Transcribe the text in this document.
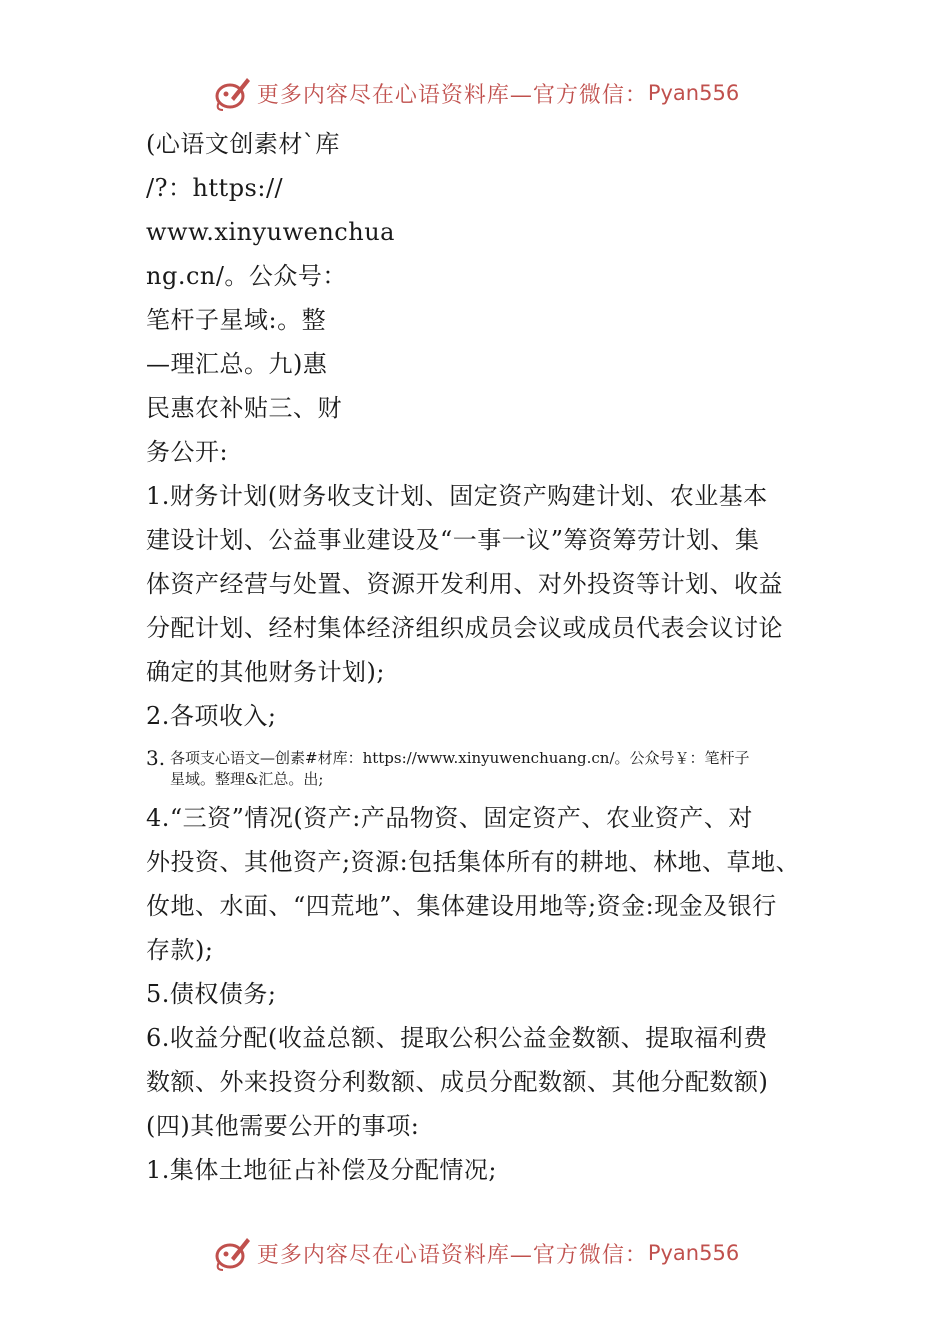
更多内容尽在心语资料库—官方微信： Pyan556
(心语文创素材`库
/?：https://
www.xinyuwenchua
ng.cn/。公众号：
笔杆子星域:。整
—理汇总。九)惠
民惠农补贴三、财
务公开:
1.财务计划(财务收支计划、固定资产购建计划、农业基本
建设计划、公益事业建设及“一事一议”筹资筹劳计划、集
体资产经营与处置、资源开发利用、对外投资等计划、收益
分配计划、经村集体经济组织成员会议或成员代表会议讨论
确定的其他财务计划);
2.各项收入;
3. 各项支心语文—创素#材库：https://www.xinyuwenchuang.cn/。公众号￥：笔杆子
星域。整理&汇总。出;
4.“三资”情况(资产:产品物资、固定资产、农业资产、对
外投资、其他资产;资源:包括集体所有的耕地、林地、草地、
㚢地、水面、“四荒地”、集体建设用地等;资金:现金及银行
存款);
5.债权债务;
6.收益分配(收益总额、提取公积公益金数额、提取福利费
数额、外来投资分利数额、成员分配数额、其他分配数额)
(四)其他需要公开的事项:
1.集体土地征占补偿及分配情况;
更多内容尽在心语资料库—官方微信： Pyan556
